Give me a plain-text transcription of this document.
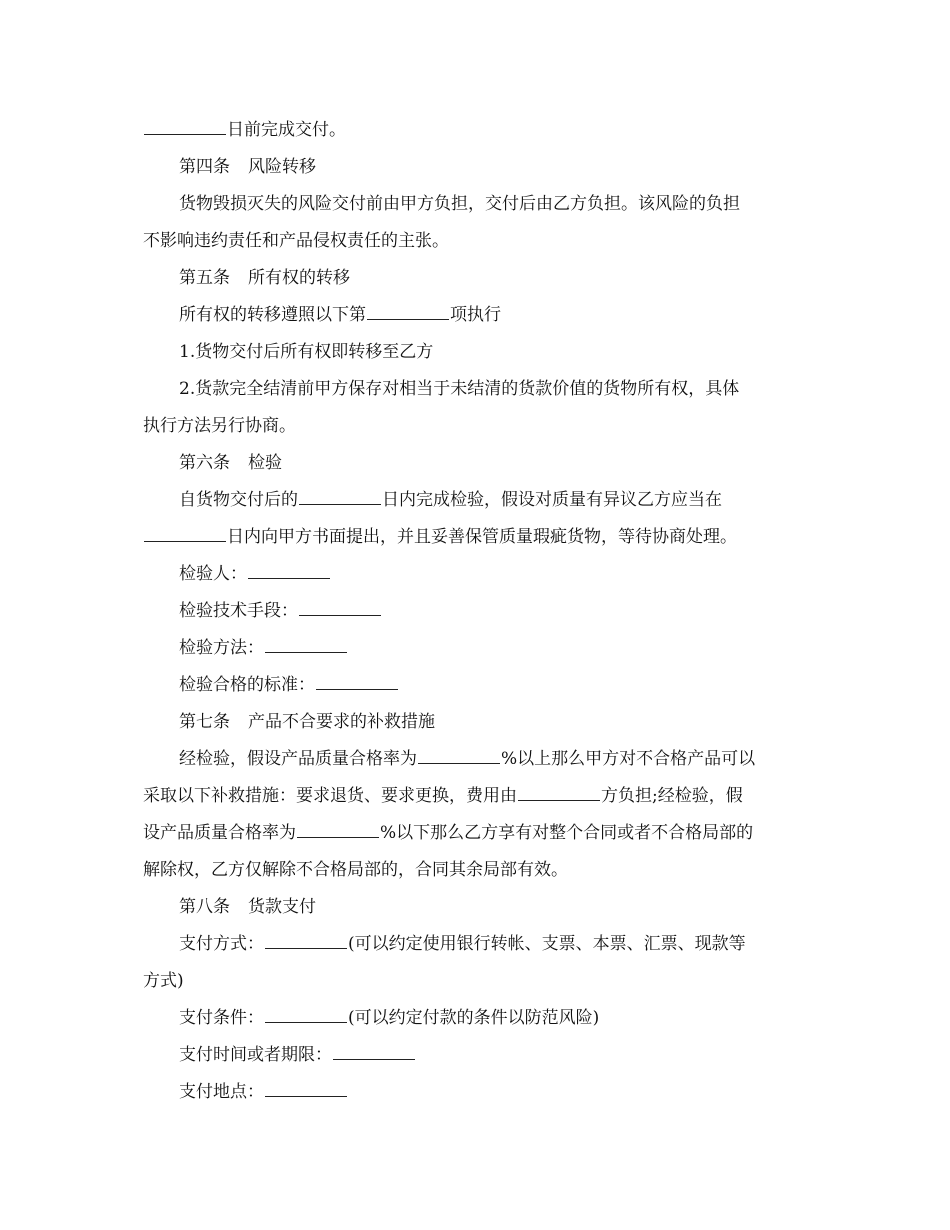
日前完成交付。
第四条 风险转移
货物毁损灭失的风险交付前由甲方负担，交付后由乙方负担。该风险的负担
不影响违约责任和产品侵权责任的主张。
第五条 所有权的转移
所有权的转移遵照以下第	项执行
1.货物交付后所有权即转移至乙方
2.货款完全结清前甲方保存对相当于未结清的货款价值的货物所有权，具体
执行方法另行协商。
第六条 检验
自货物交付后的	日内完成检验，假设对质量有异议乙方应当在
日内向甲方书面提出，并且妥善保管质量瑕疵货物，等待协商处理。
检验人：
检验技术手段：
检验方法：
检验合格的标准：
第七条 产品不合要求的补救措施
经检验，假设产品质量合格率为	%以上那么甲方对不合格产品可以
采取以下补救措施：要求退货、要求更换，费用由	方负担;经检验，假
设产品质量合格率为	%以下那么乙方享有对整个合同或者不合格局部的
解除权，乙方仅解除不合格局部的，合同其余局部有效。
第八条 货款支付
支付方式：	(可以约定使用银行转帐、支票、本票、汇票、现款等
方式)
支付条件：	(可以约定付款的条件以防范风险)
支付时间或者期限：
支付地点：
